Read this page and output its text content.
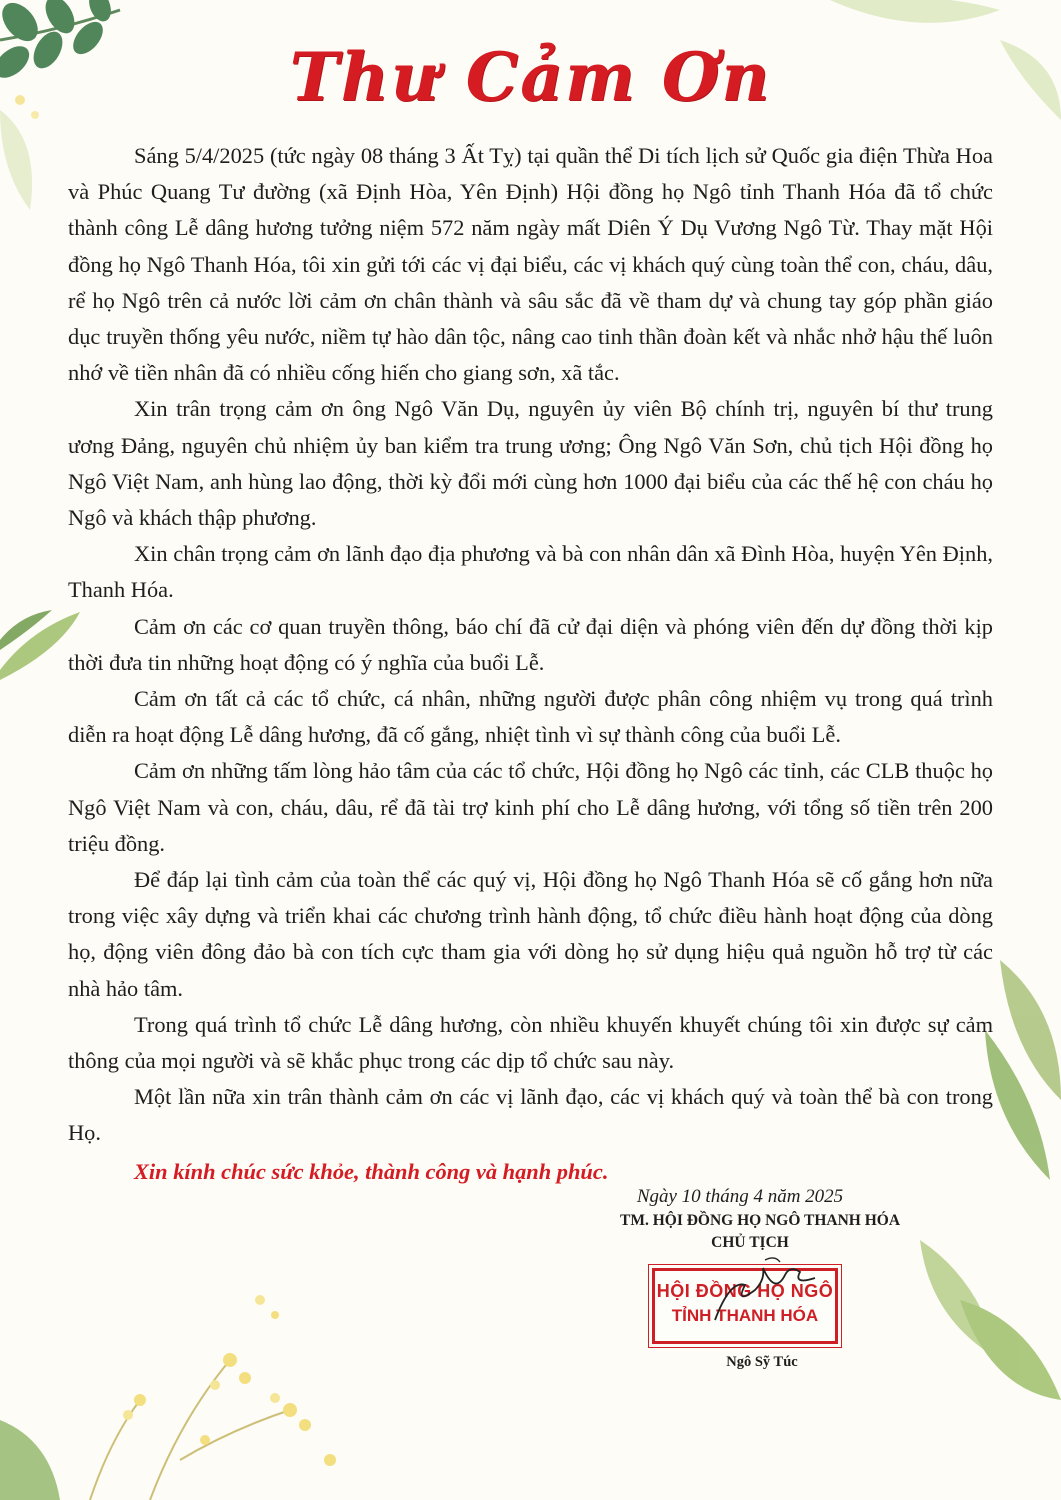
Thư Cảm Ơn

Sáng 5/4/2025 (tức ngày 08 tháng 3 Ất Tỵ) tại quần thể Di tích lịch sử Quốc gia điện Thừa Hoa và Phúc Quang Tư đường (xã Định Hòa, Yên Định) Hội đồng họ Ngô tỉnh Thanh Hóa đã tổ chức thành công Lễ dâng hương tưởng niệm 572 năm ngày mất Diên Ý Dụ Vương Ngô Từ. Thay mặt Hội đồng họ Ngô Thanh Hóa, tôi xin gửi tới các vị đại biểu, các vị khách quý cùng toàn thể con, cháu, dâu, rể họ Ngô trên cả nước lời cảm ơn chân thành và sâu sắc đã về tham dự và chung tay góp phần giáo dục truyền thống yêu nước, niềm tự hào dân tộc, nâng cao tinh thần đoàn kết và nhắc nhở hậu thế luôn nhớ về tiền nhân đã có nhiều cống hiến cho giang sơn, xã tắc.

Xin trân trọng cảm ơn ông Ngô Văn Dụ, nguyên ủy viên Bộ chính trị, nguyên bí thư trung ương Đảng, nguyên chủ nhiệm ủy ban kiểm tra trung ương; Ông Ngô Văn Sơn, chủ tịch Hội đồng họ Ngô Việt Nam, anh hùng lao động, thời kỳ đổi mới cùng hơn 1000 đại biểu của các thế hệ con cháu họ Ngô và khách thập phương.

Xin chân trọng cảm ơn lãnh đạo địa phương và bà con nhân dân xã Đình Hòa, huyện Yên Định, Thanh Hóa.

Cảm ơn các cơ quan truyền thông, báo chí đã cử đại diện và phóng viên đến dự đồng thời kịp thời đưa tin những hoạt động có ý nghĩa của buổi Lễ.

Cảm ơn tất cả các tổ chức, cá nhân, những người được phân công nhiệm vụ trong quá trình diễn ra hoạt động Lễ dâng hương, đã cố gắng, nhiệt tình vì sự thành công của buổi Lễ.

Cảm ơn những tấm lòng hảo tâm của các tổ chức, Hội đồng họ Ngô các tỉnh, các CLB thuộc họ Ngô Việt Nam và con, cháu, dâu, rể đã tài trợ kinh phí cho Lễ dâng hương, với tổng số tiền trên 200 triệu đồng.

Để đáp lại tình cảm của toàn thể các quý vị, Hội đồng họ Ngô Thanh Hóa sẽ cố gắng hơn nữa trong việc xây dựng và triển khai các chương trình hành động, tổ chức điều hành hoạt động của dòng họ, động viên đông đảo bà con tích cực tham gia với dòng họ sử dụng hiệu quả nguồn hỗ trợ từ các nhà hảo tâm.

Trong quá trình tổ chức Lễ dâng hương, còn nhiều khuyến khuyết chúng tôi xin được sự cảm thông của mọi người và sẽ khắc phục trong các dịp tổ chức sau này.

Một lần nữa xin trân thành cảm ơn các vị lãnh đạo, các vị khách quý và toàn thể bà con trong Họ.

Xin kính chúc sức khỏe, thành công và hạnh phúc.

Ngày 10 tháng 4 năm 2025
TM. HỘI ĐỒNG HỌ NGÔ THANH HÓA
CHỦ TỊCH
HỘI ĐỒNG HỌ NGÔ
TỈNH THANH HÓA
Ngô Sỹ Túc
